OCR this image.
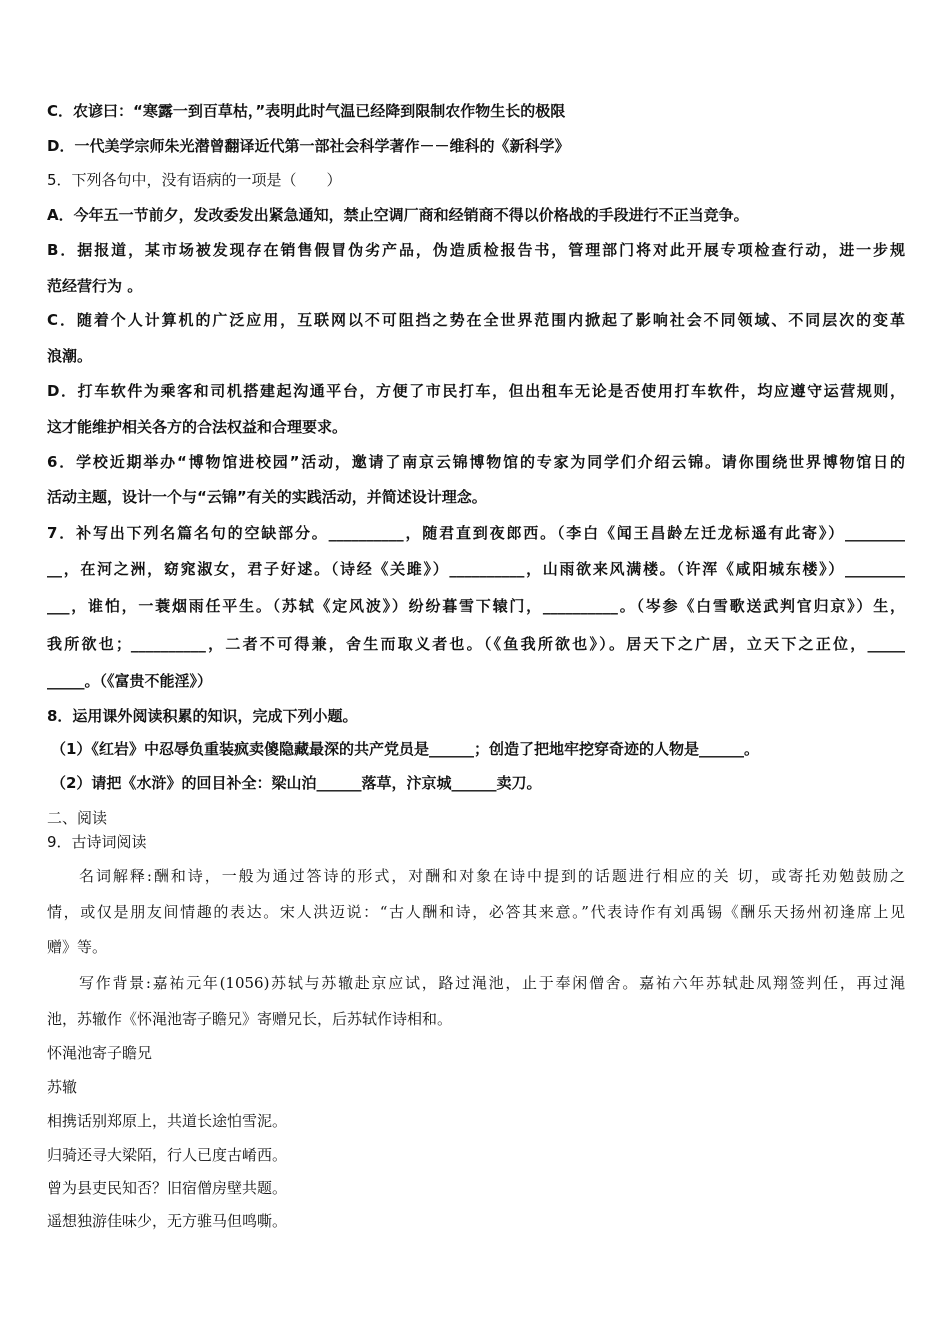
C．农谚曰：“寒露一到百草枯，”表明此时气温已经降到限制农作物生长的极限
D．一代美学宗师朱光潜曾翻译近代第一部社会科学著作－－维科的《新科学》
5．下列各句中，没有语病的一项是（　　）
A．今年五一节前夕，发改委发出紧急通知，禁止空调厂商和经销商不得以价格战的手段进行不正当竞争。
B．据报道，某市场被发现存在销售假冒伪劣产品，伪造质检报告书，管理部门将对此开展专项检查行动，进一步规
范经营行为 。
C．随着个人计算机的广泛应用，互联网以不可阻挡之势在全世界范围内掀起了影响社会不同领域、不同层次的变革
浪潮。
D．打车软件为乘客和司机搭建起沟通平台，方便了市民打车，但出租车无论是否使用打车软件，均应遵守运营规则，
这才能维护相关各方的合法权益和合理要求。
6．学校近期举办“博物馆进校园”活动，邀请了南京云锦博物馆的专家为同学们介绍云锦。请你围绕世界博物馆日的
活动主题，设计一个与“云锦”有关的实践活动，并简述设计理念。
7．补写出下列名篇名句的空缺部分。__________，随君直到夜郎西。（李白《闻王昌龄左迁龙标遥有此寄》）________
__，在河之洲，窈窕淑女，君子好逑。（诗经《关雎》）__________，山雨欲来风满楼。（许浑《咸阳城东楼》）________
___，谁怕，一蓑烟雨任平生。（苏轼《定风波》）纷纷暮雪下辕门，__________。（岑参《白雪歌送武判官归京》）生，
我所欲也；__________，二者不可得兼，舍生而取义者也。（《鱼我所欲也》）。居天下之广居，立天下之正位，_____
_____。（《富贵不能淫》）
8．运用课外阅读积累的知识，完成下列小题。
（1）《红岩》中忍辱负重装疯卖傻隐藏最深的共产党员是______；创造了把地牢挖穿奇迹的人物是______。
（2）请把《水浒》的回目补全：梁山泊______落草，汴京城______卖刀。
二、阅读
9．古诗词阅读
名词解释:酬和诗，一般为通过答诗的形式，对酬和对象在诗中提到的话题进行相应的关 切，或寄托劝勉鼓励之
情，或仅是朋友间情趣的表达。宋人洪迈说：“古人酬和诗，必答其来意。”代表诗作有刘禹锡《酬乐天扬州初逢席上见
赠》等。
写作背景:嘉祐元年(1056)苏轼与苏辙赴京应试，路过渑池，止于奉闲僧舍。嘉祐六年苏轼赴凤翔签判任，再过渑
池，苏辙作《怀渑池寄子瞻兄》寄赠兄长，后苏轼作诗相和。
怀渑池寄子瞻兄
苏辙
相携话别郑原上，共道长途怕雪泥。
归骑还寻大梁陌，行人已度古崤西。
曾为县吏民知否？旧宿僧房壁共题。
遥想独游佳味少，无方骓马但鸣嘶。
